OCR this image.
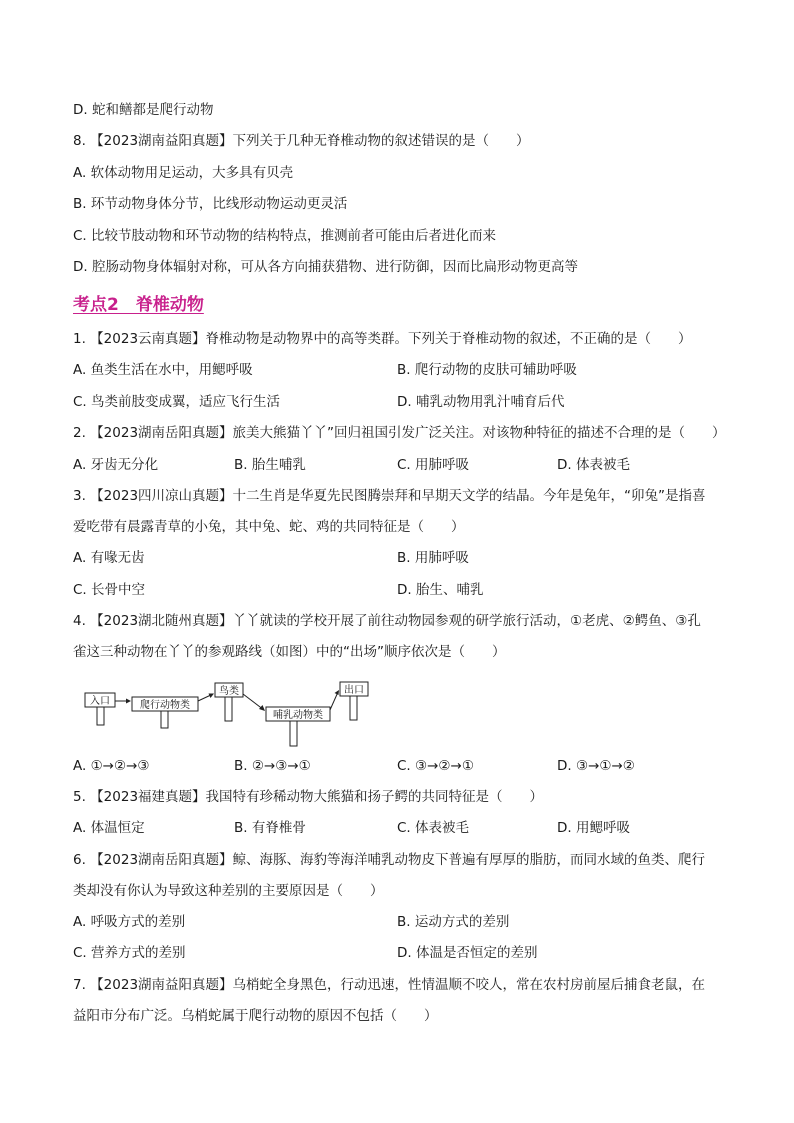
D. 蛇和鳝都是爬行动物
8. 【2023湖南益阳真题】下列关于几种无脊椎动物的叙述错误的是（　　）
A. 软体动物用足运动，大多具有贝壳
B. 环节动物身体分节，比线形动物运动更灵活
C. 比较节肢动物和环节动物的结构特点，推测前者可能由后者进化而来
D. 腔肠动物身体辐射对称，可从各方向捕获猎物、进行防御，因而比扁形动物更高等
考点2　脊椎动物
1. 【2023云南真题】脊椎动物是动物界中的高等类群。下列关于脊椎动物的叙述，不正确的是（　　）
A. 鱼类生活在水中，用鳃呼吸	B. 爬行动物的皮肤可辅助呼吸
C. 鸟类前肢变成翼，适应飞行生活	D. 哺乳动物用乳汁哺育后代
2. 【2023湖南岳阳真题】旅美大熊猫丫丫”回归祖国引发广泛关注。对该物种特征的描述不合理的是（　　）
A. 牙齿无分化	B. 胎生哺乳	C. 用肺呼吸	D. 体表被毛
3. 【2023四川凉山真题】十二生肖是华夏先民图腾崇拜和早期天文学的结晶。今年是兔年，“卯兔”是指喜
爱吃带有晨露青草的小兔，其中兔、蛇、鸡的共同特征是（　　）
A. 有喙无齿	B. 用肺呼吸
C. 长骨中空	D. 胎生、哺乳
4. 【2023湖北随州真题】丫丫就读的学校开展了前往动物园参观的研学旅行活动，①老虎、②鳄鱼、③孔
雀这三种动物在丫丫的参观路线（如图）中的“出场”顺序依次是（　　）
入口	爬行动物类
鸟类
哺乳动物类
出口
A. ①→②→③	B. ②→③→①	C. ③→②→①	D. ③→①→②
5. 【2023福建真题】我国特有珍稀动物大熊猫和扬子鳄的共同特征是（　　）
A. 体温恒定	B. 有脊椎骨	C. 体表被毛	D. 用鳃呼吸
6. 【2023湖南岳阳真题】鲸、海豚、海豹等海洋哺乳动物皮下普遍有厚厚的脂肪，而同水域的鱼类、爬行
类却没有你认为导致这种差别的主要原因是（　　）
A. 呼吸方式的差别	B. 运动方式的差别
C. 营养方式的差别	D. 体温是否恒定的差别
7. 【2023湖南益阳真题】乌梢蛇全身黑色，行动迅速，性情温顺不咬人，常在农村房前屋后捕食老鼠，在
益阳市分布广泛。乌梢蛇属于爬行动物的原因不包括（　　）
